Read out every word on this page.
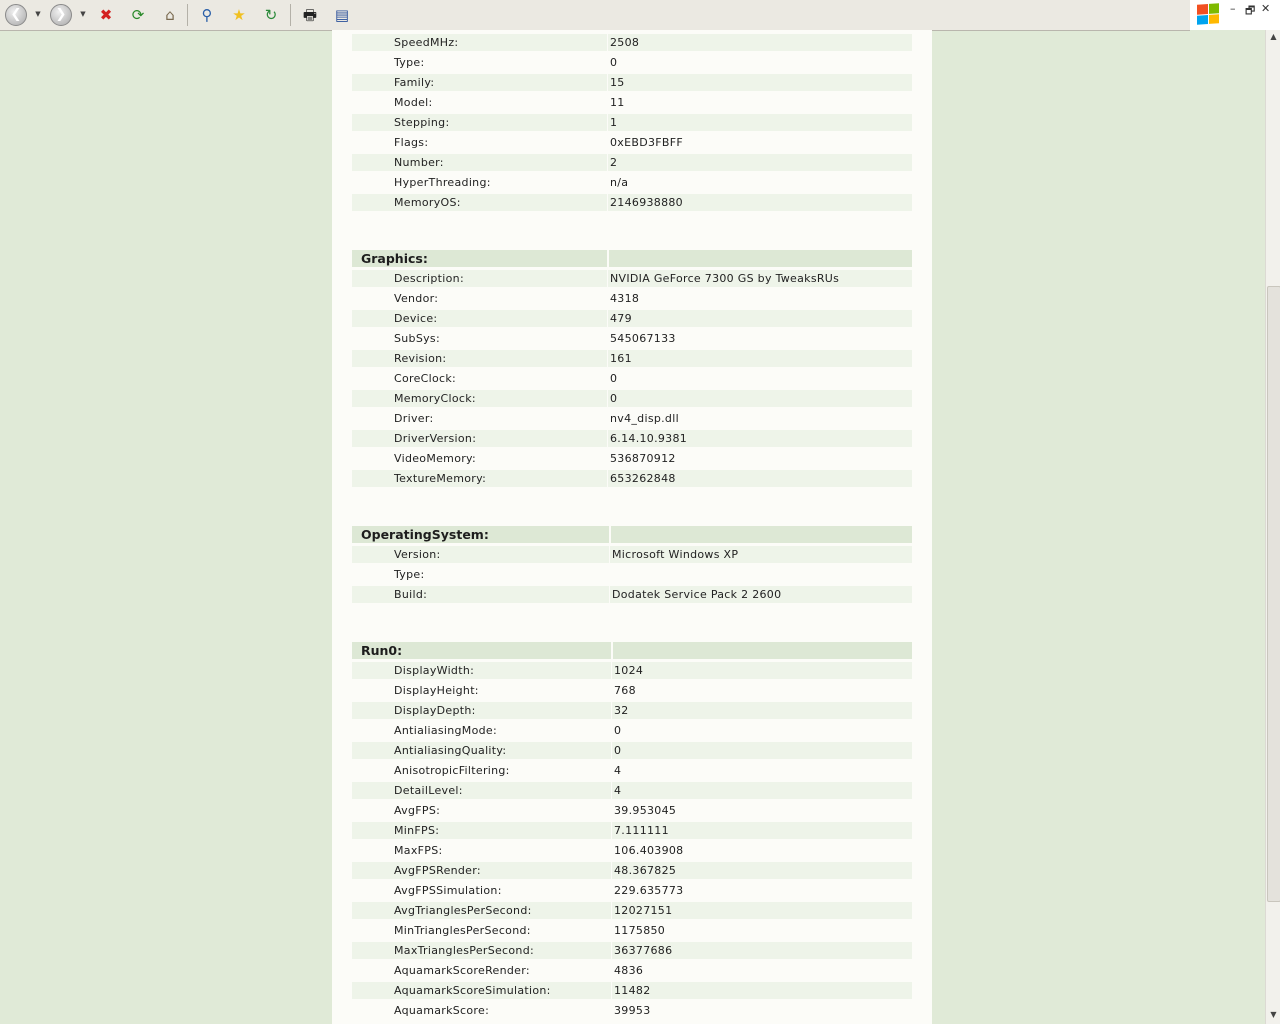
❮	▼	❯	▼ ✖ ⟳ ⌂ ⚲ ★ ↻ 🖶 ▤	– 🗗 ✕
▲
▼
SpeedMHz:	2508
Type:	0
Family:	15
Model:	11
Stepping:	1
Flags:	0xEBD3FBFF
Number:	2
HyperThreading:	n/a
MemoryOS:	2146938880
Graphics:
Description:	NVIDIA GeForce 7300 GS by TweaksRUs
Vendor:	4318
Device:	479
SubSys:	545067133
Revision:	161
CoreClock:	0
MemoryClock:	0
Driver:	nv4_disp.dll
DriverVersion:	6.14.10.9381
VideoMemory:	536870912
TextureMemory:	653262848
OperatingSystem:
Version:	Microsoft Windows XP
Type:
Build:	Dodatek Service Pack 2 2600
Run0:
DisplayWidth:	1024
DisplayHeight:	768
DisplayDepth:	32
AntialiasingMode:	0
AntialiasingQuality:	0
AnisotropicFiltering:	4
DetailLevel:	4
AvgFPS:	39.953045
MinFPS:	7.111111
MaxFPS:	106.403908
AvgFPSRender:	48.367825
AvgFPSSimulation:	229.635773
AvgTrianglesPerSecond:	12027151
MinTrianglesPerSecond:	1175850
MaxTrianglesPerSecond:	36377686
AquamarkScoreRender:	4836
AquamarkScoreSimulation:	11482
AquamarkScore:	39953
